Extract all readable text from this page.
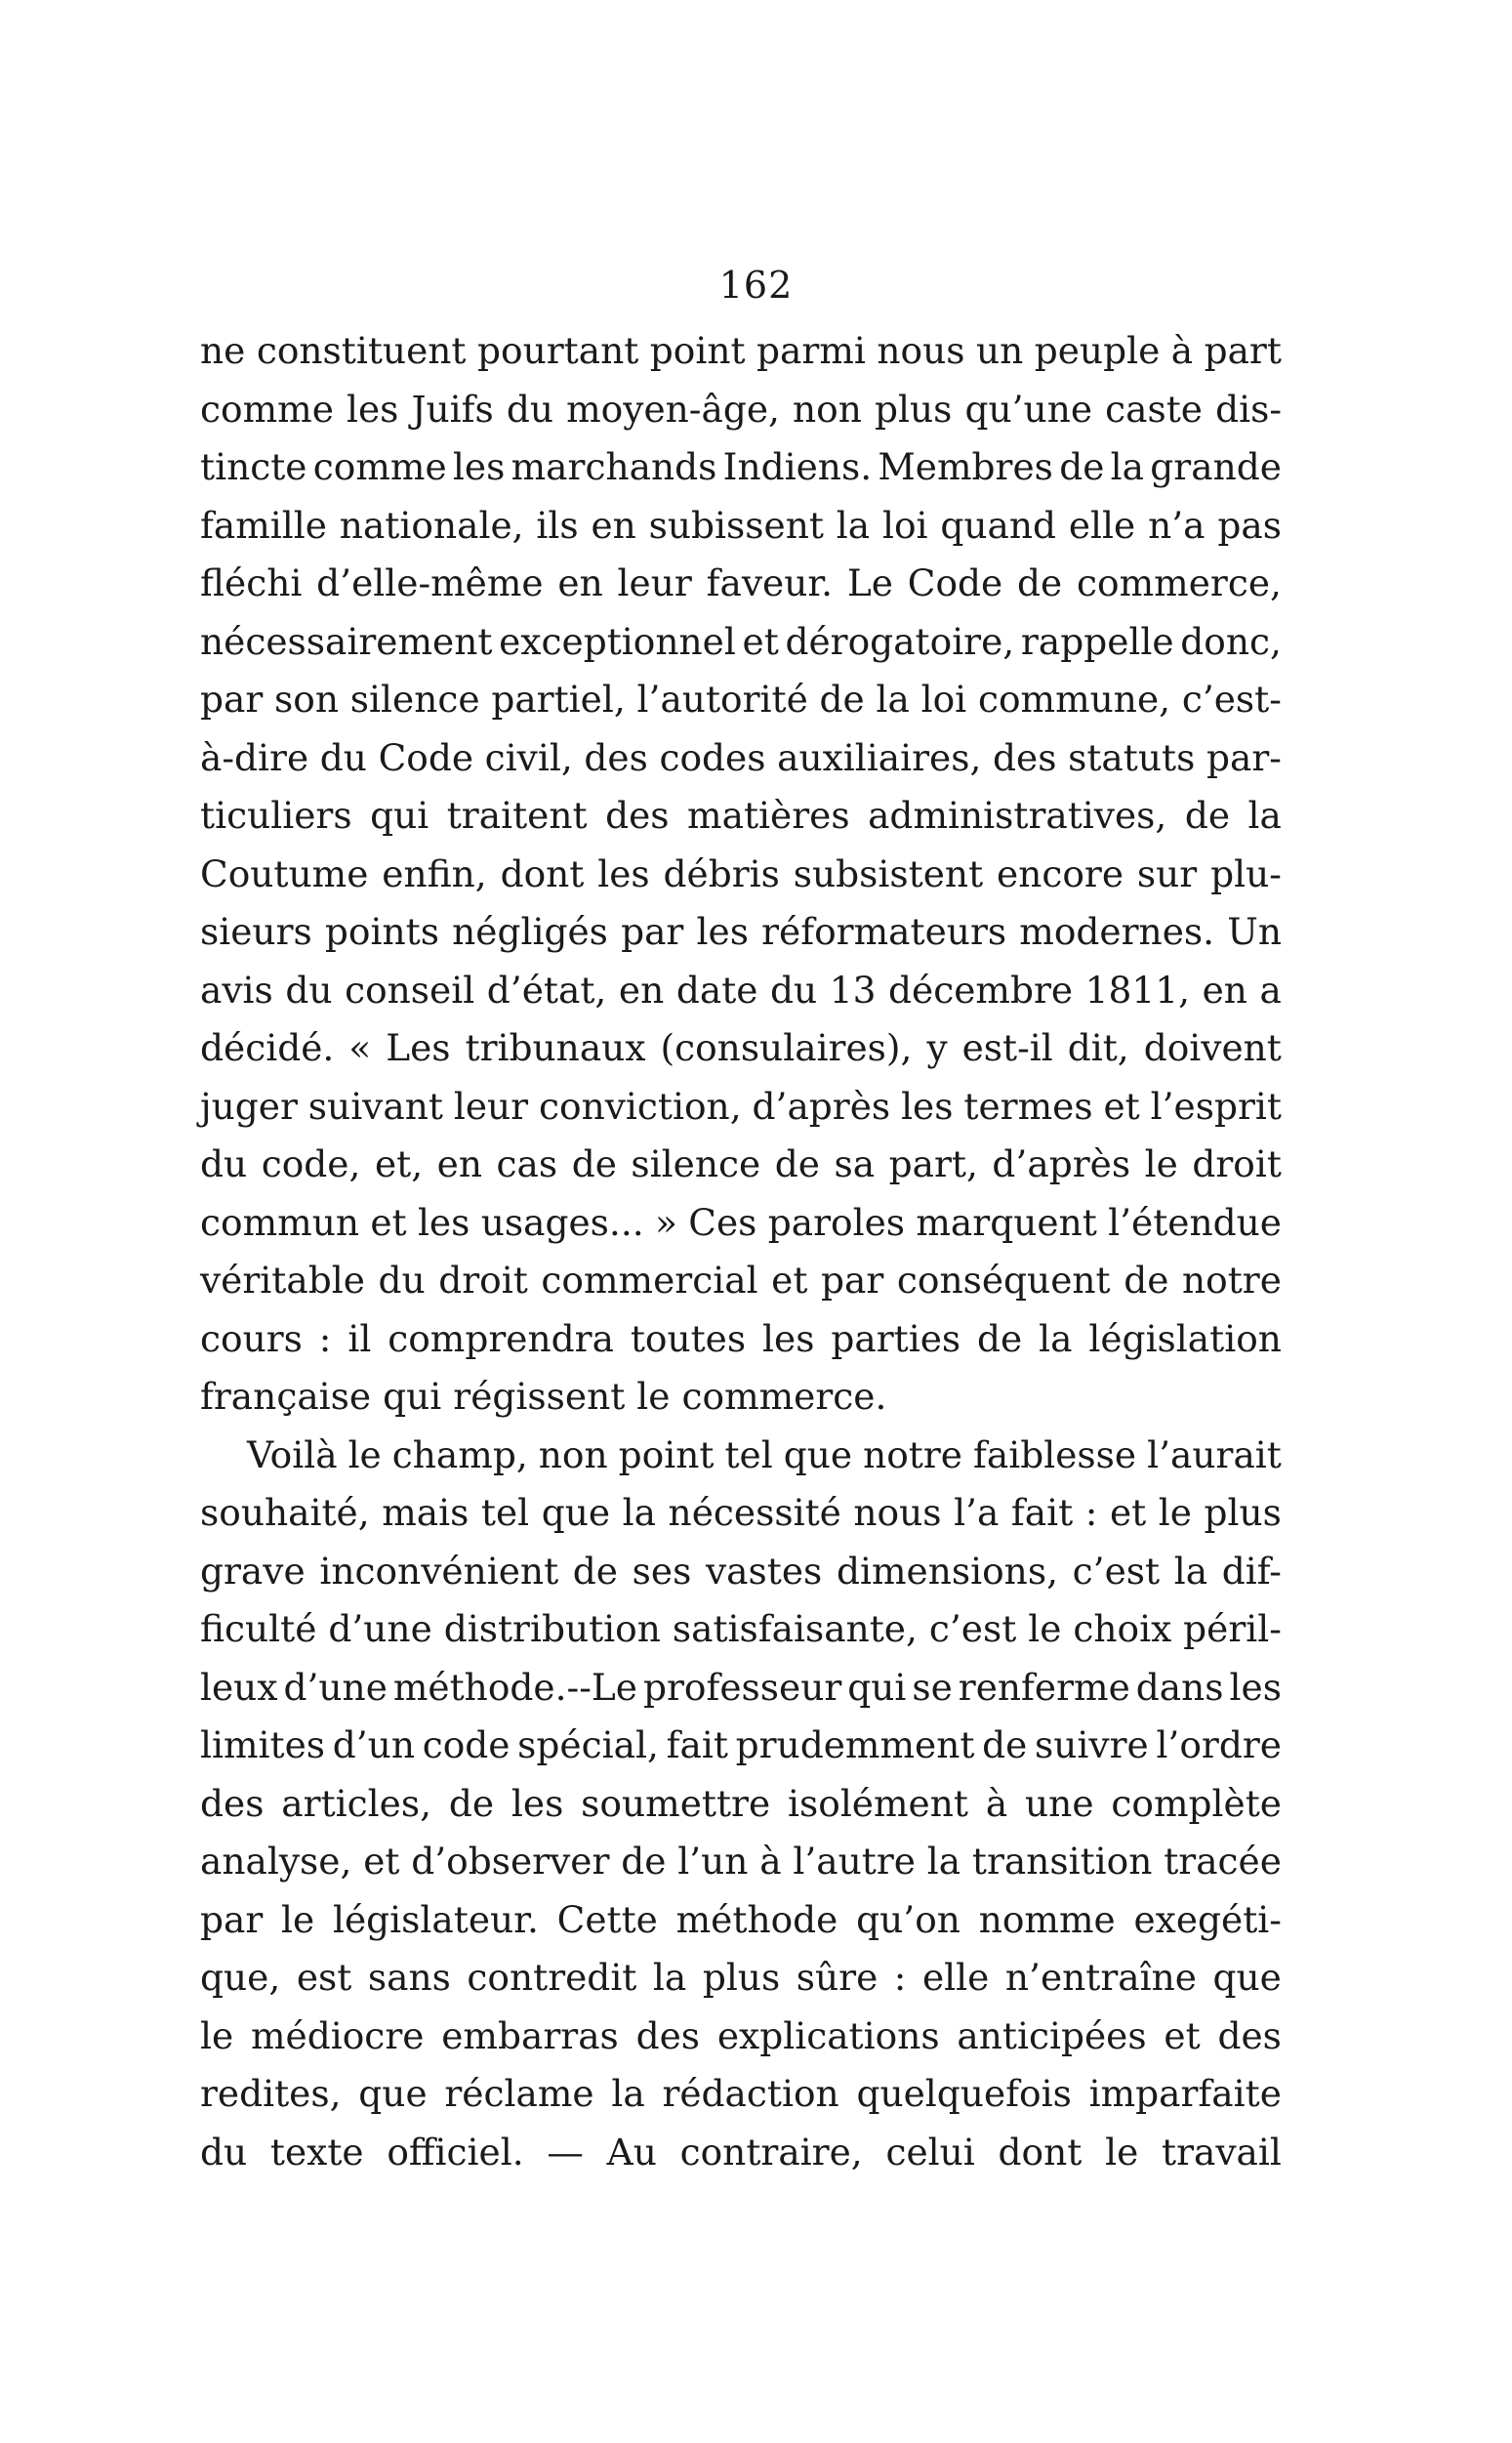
162
ne constituent pourtant point parmi nous un peuple à part
comme les Juifs du moyen-âge, non plus qu’une caste dis-
tincte comme les marchands Indiens. Membres de la grande
famille nationale, ils en subissent la loi quand elle n’a pas
fléchi d’elle-même en leur faveur. Le Code de commerce,
nécessairement exceptionnel et dérogatoire, rappelle donc,
par son silence partiel, l’autorité de la loi commune, c’est-
à-dire du Code civil, des codes auxiliaires, des statuts par-
ticuliers qui traitent des matières administratives, de la
Coutume enfin, dont les débris subsistent encore sur plu-
sieurs points négligés par les réformateurs modernes. Un
avis du conseil d’état, en date du 13 décembre 1811, en a
décidé. « Les tribunaux (consulaires), y est-il dit, doivent
juger suivant leur conviction, d’après les termes et l’esprit
du code, et, en cas de silence de sa part, d’après le droit
commun et les usages... » Ces paroles marquent l’étendue
véritable du droit commercial et par conséquent de notre
cours : il comprendra toutes les parties de la législation
française qui régissent le commerce.
Voilà le champ, non point tel que notre faiblesse l’aurait
souhaité, mais tel que la nécessité nous l’a fait : et le plus
grave inconvénient de ses vastes dimensions, c’est la dif-
ficulté d’une distribution satisfaisante, c’est le choix péril-
leux d’une méthode.--Le professeur qui se renferme dans les
limites d’un code spécial, fait prudemment de suivre l’ordre
des articles, de les soumettre isolément à une complète
analyse, et d’observer de l’un à l’autre la transition tracée
par le législateur. Cette méthode qu’on nomme exegéti-
que, est sans contredit la plus sûre : elle n’entraîne que
le médiocre embarras des explications anticipées et des
redites, que réclame la rédaction quelquefois imparfaite
du texte officiel. — Au contraire, celui dont le travail
